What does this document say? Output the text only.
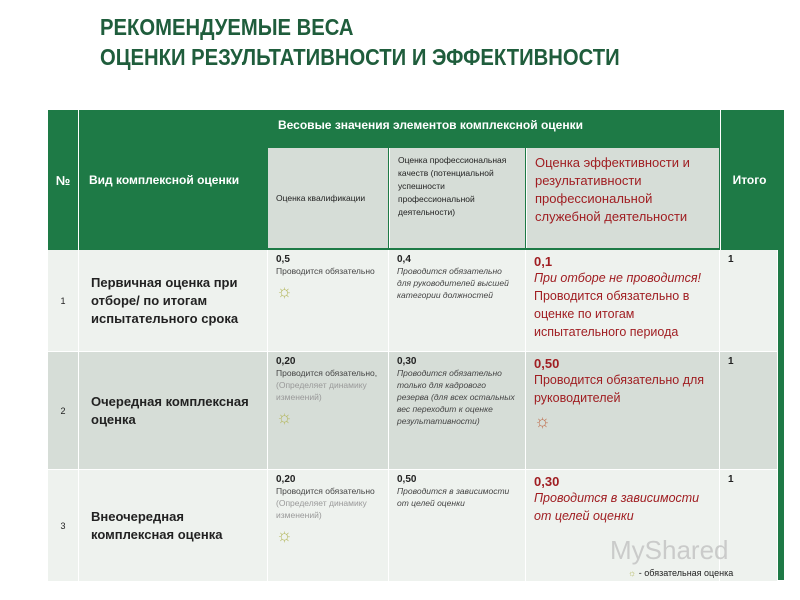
РЕКОМЕНДУЕМЫЕ ВЕСА
ОЦЕНКИ РЕЗУЛЬТАТИВНОСТИ И ЭФФЕКТИВНОСТИ
№	Вид комплексной оценки
Весовые значения элементов комплексной оценки
Оценка квалификации
Оценка профессиональная качеств (потенциальной успешности профессиональной деятельности)
Оценка эффективности и результативности профессиональной служебной деятельности
Итого
1
Первичная оценка при отборе/ по итогам испытательного срока
0,5
Проводится обязательно
☼
0,4
Проводится обязательно для руководителей высшей категории должностей
0,1
При отборе не проводится!
Проводится обязательно в оценке по итогам испытательного периода
1
2
Очередная комплексная оценка
0,20
Проводится обязательно,
(Определяет динамику изменений)
☼
0,30
Проводится обязательно только для кадрового резерва (для всех остальных вес переходит к оценке результативности)
0,50
Проводится обязательно для руководителей
☼
1
3
Внеочередная комплексная оценка
0,20
Проводится обязательно
(Определяет динамику изменений)
☼
0,50
Проводится в зависимости от целей оценки
0,30
Проводится в зависимости от целей оценки
1
MyShared
☼ - обязательная оценка
